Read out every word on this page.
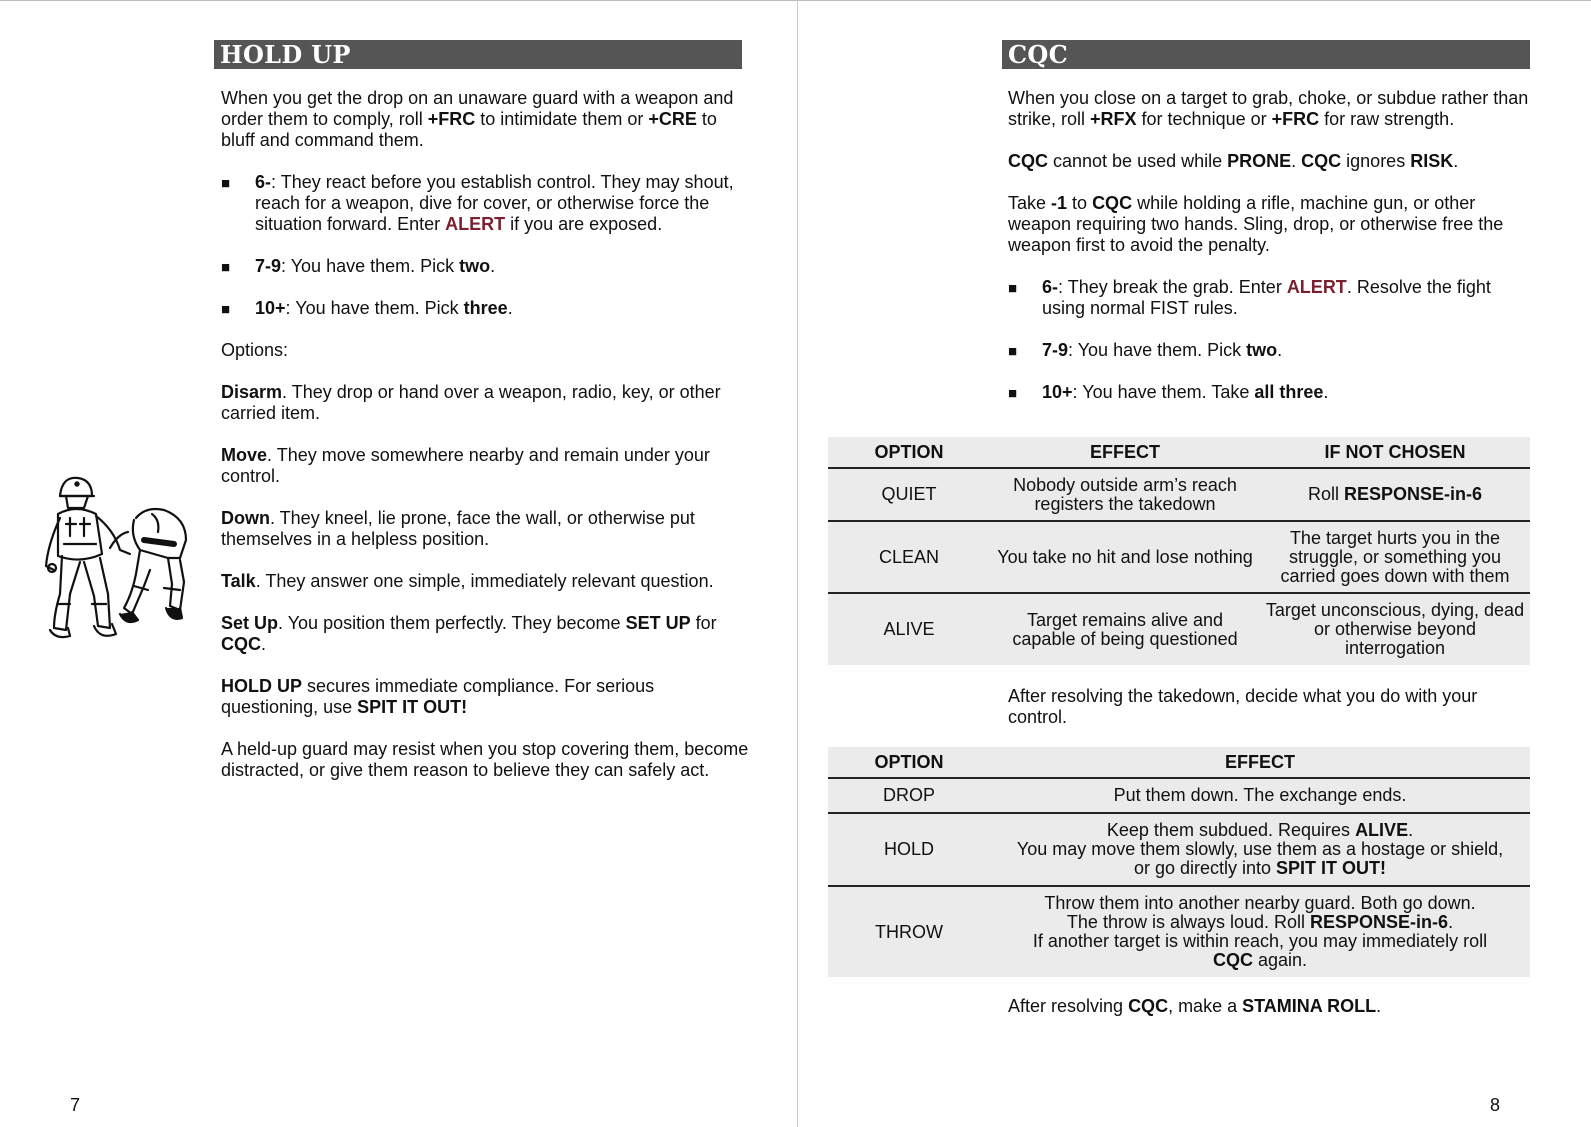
HOLD UP

When you get the drop on an unaware guard with a weapon and order them to comply, roll +FRC to intimidate them or +CRE to bluff and command them.

■ 6-: They react before you establish control. They may shout, reach for a weapon, dive for cover, or otherwise force the situation forward. Enter ALERT if you are exposed.
■ 7-9: You have them. Pick two.
■ 10+: You have them. Pick three.

Options:

Disarm. They drop or hand over a weapon, radio, key, or other carried item.

Move. They move somewhere nearby and remain under your control.

Down. They kneel, lie prone, face the wall, or otherwise put themselves in a helpless position.

Talk. They answer one simple, immediately relevant question.

Set Up. You position them perfectly. They become SET UP for CQC.

HOLD UP secures immediate compliance. For serious questioning, use SPIT IT OUT!

A held-up guard may resist when you stop covering them, become distracted, or give them reason to believe they can safely act.

7
CQC

When you close on a target to grab, choke, or subdue rather than strike, roll +RFX for technique or +FRC for raw strength.

CQC cannot be used while PRONE. CQC ignores RISK.

Take -1 to CQC while holding a rifle, machine gun, or other weapon requiring two hands. Sling, drop, or otherwise free the weapon first to avoid the penalty.

■ 6-: They break the grab. Enter ALERT. Resolve the fight using normal FIST rules.
■ 7-9: You have them. Pick two.
■ 10+: You have them. Take all three.
OPTION	EFFECT	IF NOT CHOSEN
QUIET	Nobody outside arm’s reach registers the takedown	Roll RESPONSE-in-6
CLEAN	You take no hit and lose nothing	The target hurts you in the struggle, or something you carried goes down with them
ALIVE	Target remains alive and capable of being questioned	Target unconscious, dying, dead or otherwise beyond interrogation
After resolving the takedown, decide what you do with your control.
OPTION	EFFECT
DROP	Put them down. The exchange ends.
HOLD	Keep them subdued. Requires ALIVE.
You may move them slowly, use them as a hostage or shield,
or go directly into SPIT IT OUT!

THROW	Throw them into another nearby guard. Both go down.
The throw is always loud. Roll RESPONSE-in-6.
If another target is within reach, you may immediately roll
CQC again.
After resolving CQC, make a STAMINA ROLL.
8
